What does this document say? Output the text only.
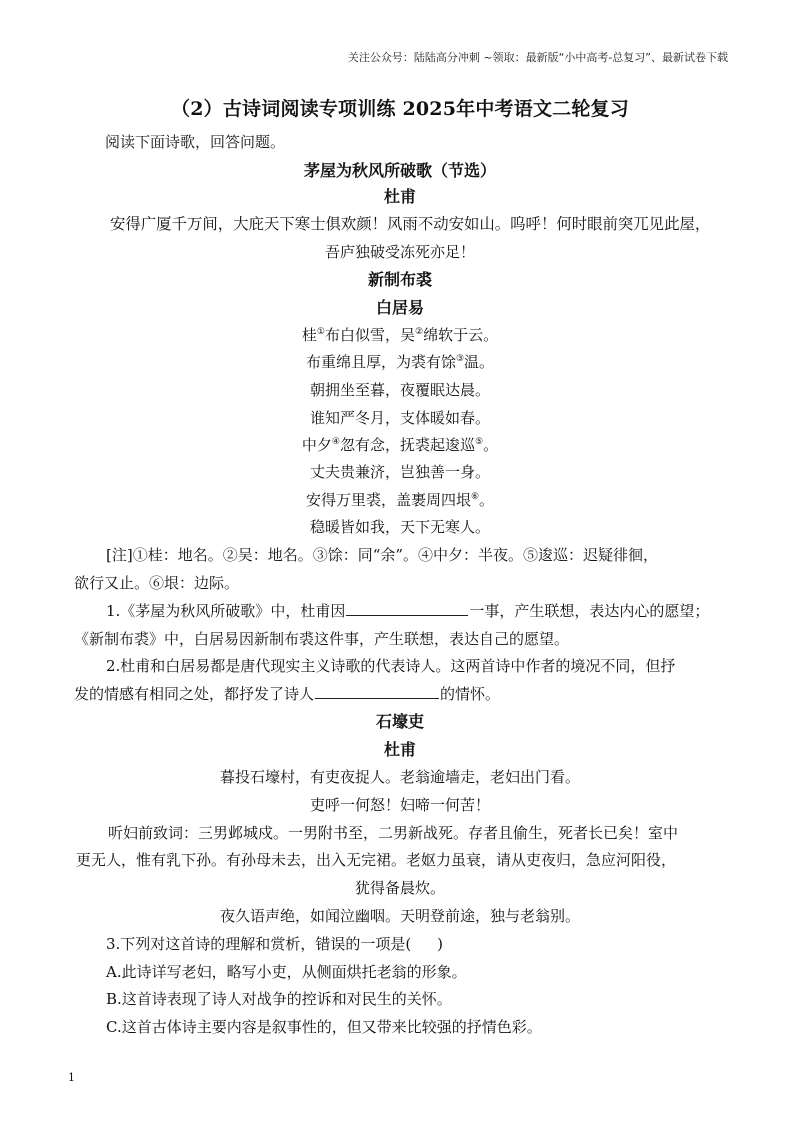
关注公众号：陆陆高分冲刺 ~领取：最新版“小中高考-总复习”、最新试卷下载
（2）古诗词阅读专项训练 2025年中考语文二轮复习
阅读下面诗歌，回答问题。
茅屋为秋风所破歌（节选）
杜甫
安得广厦千万间，大庇天下寒士俱欢颜！风雨不动安如山。呜呼！何时眼前突兀见此屋，
吾庐独破受冻死亦足！
新制布裘
白居易
桂①布白似雪，吴②绵软于云。
布重绵且厚，为裘有馀③温。
朝拥坐至暮，夜覆眠达晨。
谁知严冬月，支体暖如春。
中夕④忽有念，抚裘起逡巡⑤。
丈夫贵兼济，岂独善一身。
安得万里裘，盖裹周四垠⑥。
稳暖皆如我，天下无寒人。
[注]①桂：地名。②吴：地名。③馀：同“余”。④中夕：半夜。⑤逡巡：迟疑徘徊，
欲行又止。⑥垠：边际。
1.《茅屋为秋风所破歌》中，杜甫因	一事，产生联想，表达内心的愿望；
《新制布裘》中，白居易因新制布裘这件事，产生联想，表达自己的愿望。
2.杜甫和白居易都是唐代现实主义诗歌的代表诗人。这两首诗中作者的境况不同，但抒
发的情感有相同之处，都抒发了诗人	的情怀。
石壕吏
杜甫
暮投石壕村，有吏夜捉人。老翁逾墙走，老妇出门看。
吏呼一何怒！妇啼一何苦！
听妇前致词：三男邺城戍。一男附书至，二男新战死。存者且偷生，死者长已矣！室中
更无人，惟有乳下孙。有孙母未去，出入无完裙。老妪力虽衰，请从吏夜归，急应河阳役，
犹得备晨炊。
夜久语声绝，如闻泣幽咽。天明登前途，独与老翁别。
3.下列对这首诗的理解和赏析，错误的一项是( )
A.此诗详写老妇，略写小吏，从侧面烘托老翁的形象。
B.这首诗表现了诗人对战争的控诉和对民生的关怀。
C.这首古体诗主要内容是叙事性的，但又带来比较强的抒情色彩。
1
